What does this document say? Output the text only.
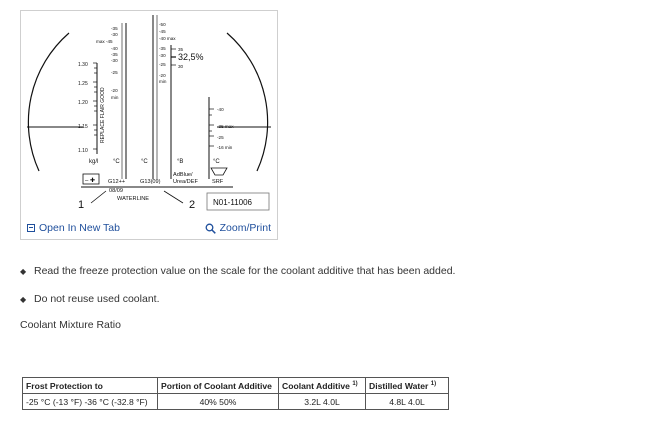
1.30
1.25
1.20
1.15
1.10
REPLACE FLAIR GOOD
-35
-30
max -45
-40
-35
-30
-25
-20
min
°C
-50
-45
-40 max
-35
-30
-25
-20
min
°C
35
32,5%
30
°B
-40
-35 max
-25
-16 min
°C
kg/l
– ✚ G12++	G13(09)
AdBlue/
Urea/DEF	SRF
08/09
WATERLINE
1	2 N01-11006
Open In New Tab	Zoom/Print
◆ Read the freeze protection value on the scale for the coolant additive that has been added.
◆ Do not reuse used coolant.
Coolant Mixture Ratio
Frost Protection to	Portion of Coolant Additive	Coolant Additive $^{1)}$	Distilled Water $^{1)}$
-25 °C (-13 °F) -36 °C (-32.8 °F)	40% 50%	3.2L 4.0L	4.8L 4.0L
